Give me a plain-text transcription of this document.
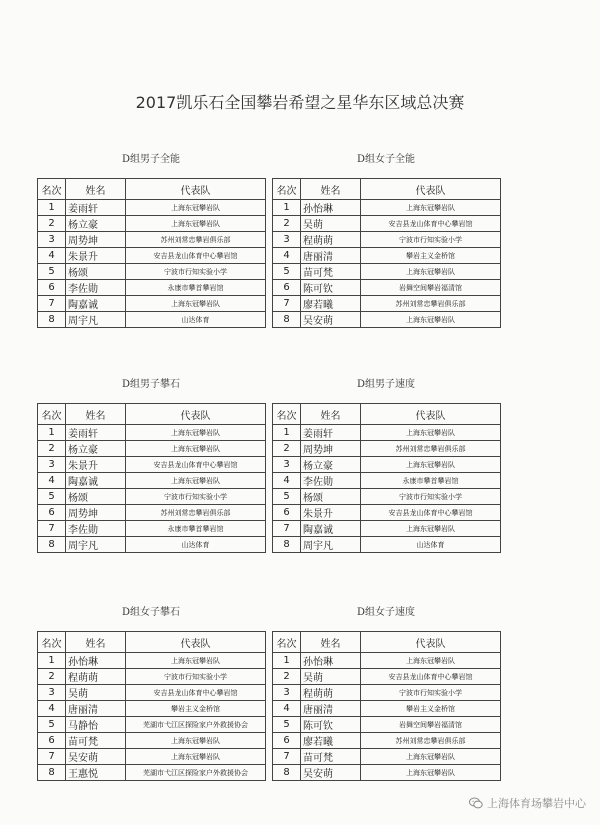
2017凯乐石全国攀岩希望之星华东区域总决赛
D组男子全能
名次	姓名	代表队
1	姜雨轩	上海东冠攀岩队
2	杨立豪	上海东冠攀岩队
3	周势坤	苏州刘常忠攀岩俱乐部
4	朱景升	安吉县龙山体育中心攀岩馆
5	杨颂	宁波市行知实验小学
6	李佐勋	永康市攀首攀岩馆
7	陶嘉诚	上海东冠攀岩队
8	周宇凡	山达体育
D组女子全能
名次	姓名	代表队
1	孙怡琳	上海东冠攀岩队
2	吴萌	安吉县龙山体育中心攀岩馆
3	程萌萌	宁波市行知实验小学
4	唐丽清	攀岩主义金桥馆
5	苗可梵	上海东冠攀岩队
6	陈可钦	岩舞空间攀岩福清馆
7	廖若曦	苏州刘常忠攀岩俱乐部
8	吴安萌	上海东冠攀岩队
D组男子攀石
名次	姓名	代表队
1	姜雨轩	上海东冠攀岩队
2	杨立豪	上海东冠攀岩队
3	朱景升	安吉县龙山体育中心攀岩馆
4	陶嘉诚	上海东冠攀岩队
5	杨颂	宁波市行知实验小学
6	周势坤	苏州刘常忠攀岩俱乐部
7	李佐勋	永康市攀首攀岩馆
8	周宇凡	山达体育
D组男子速度
名次	姓名	代表队
1	姜雨轩	上海东冠攀岩队
2	周势坤	苏州刘常忠攀岩俱乐部
3	杨立豪	上海东冠攀岩队
4	李佐勋	永康市攀首攀岩馆
5	杨颂	宁波市行知实验小学
6	朱景升	安吉县龙山体育中心攀岩馆
7	陶嘉诚	上海东冠攀岩队
8	周宇凡	山达体育
D组女子攀石
名次	姓名	代表队
1	孙怡琳	上海东冠攀岩队
2	程萌萌	宁波市行知实验小学
3	吴萌	安吉县龙山体育中心攀岩馆
4	唐丽清	攀岩主义金桥馆
5	马静怡	芜湖市弋江区探险家户外救援协会
6	苗可梵	上海东冠攀岩队
7	吴安萌	上海东冠攀岩队
8	王惠悦	芜湖市弋江区探险家户外救援协会
D组女子速度
名次	姓名	代表队
1	孙怡琳	上海东冠攀岩队
2	吴萌	安吉县龙山体育中心攀岩馆
3	程萌萌	宁波市行知实验小学
4	唐丽清	攀岩主义金桥馆
5	陈可钦	岩舞空间攀岩福清馆
6	廖若曦	苏州刘常忠攀岩俱乐部
7	苗可梵	上海东冠攀岩队
8	吴安萌	上海东冠攀岩队
上海体育场攀岩中心
